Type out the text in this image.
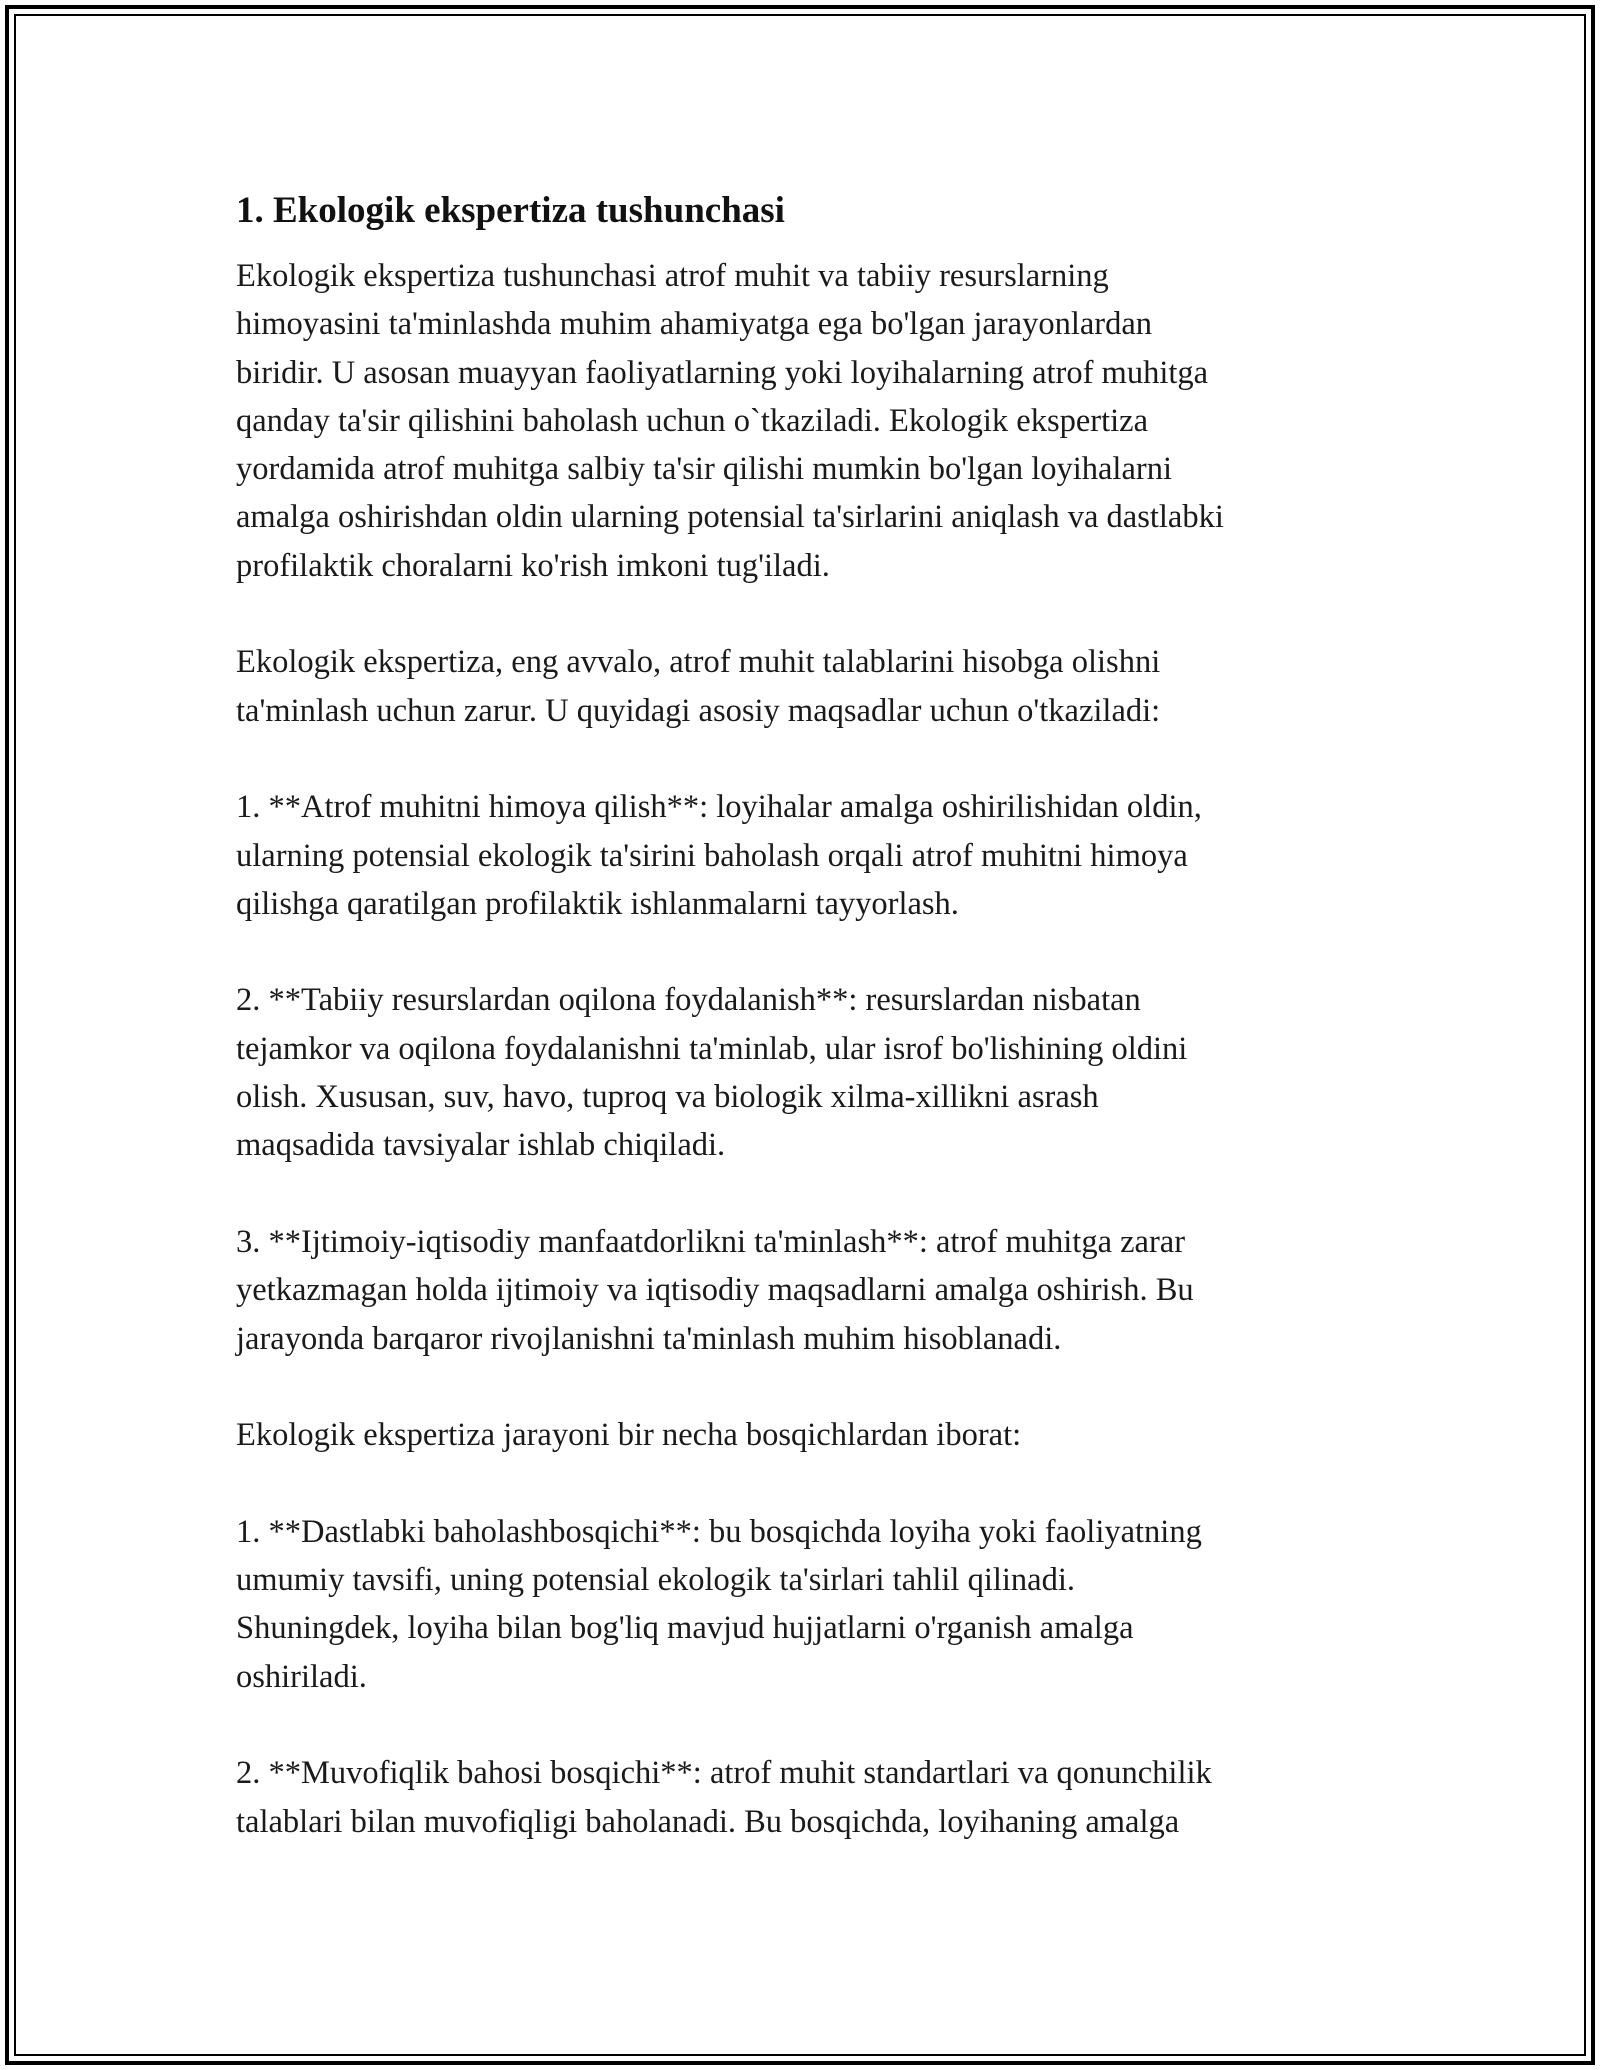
1. Ekologik ekspertiza tushunchasi

Ekologik ekspertiza tushunchasi atrof muhit va tabiiy resurslarning
himoyasini ta'minlashda muhim ahamiyatga ega bo'lgan jarayonlardan
biridir. U asosan muayyan faoliyatlarning yoki loyihalarning atrof muhitga
qanday ta'sir qilishini baholash uchun o`tkaziladi. Ekologik ekspertiza
yordamida atrof muhitga salbiy ta'sir qilishi mumkin bo'lgan loyihalarni
amalga oshirishdan oldin ularning potensial ta'sirlarini aniqlash va dastlabki
profilaktik choralarni ko'rish imkoni tug'iladi.

Ekologik ekspertiza, eng avvalo, atrof muhit talablarini hisobga olishni
ta'minlash uchun zarur. U quyidagi asosiy maqsadlar uchun o'tkaziladi:

1. **Atrof muhitni himoya qilish**: loyihalar amalga oshirilishidan oldin,
ularning potensial ekologik ta'sirini baholash orqali atrof muhitni himoya
qilishga qaratilgan profilaktik ishlanmalarni tayyorlash.

2. **Tabiiy resurslardan oqilona foydalanish**: resurslardan nisbatan
tejamkor va oqilona foydalanishni ta'minlab, ular isrof bo'lishining oldini
olish. Xususan, suv, havo, tuproq va biologik xilma-xillikni asrash
maqsadida tavsiyalar ishlab chiqiladi.

3. **Ijtimoiy-iqtisodiy manfaatdorlikni ta'minlash**: atrof muhitga zarar
yetkazmagan holda ijtimoiy va iqtisodiy maqsadlarni amalga oshirish. Bu
jarayonda barqaror rivojlanishni ta'minlash muhim hisoblanadi.

Ekologik ekspertiza jarayoni bir necha bosqichlardan iborat:

1. **Dastlabki baholashbosqichi**: bu bosqichda loyiha yoki faoliyatning
umumiy tavsifi, uning potensial ekologik ta'sirlari tahlil qilinadi.
Shuningdek, loyiha bilan bog'liq mavjud hujjatlarni o'rganish amalga
oshiriladi.

2. **Muvofiqlik bahosi bosqichi**: atrof muhit standartlari va qonunchilik
talablari bilan muvofiqligi baholanadi. Bu bosqichda, loyihaning amalga
